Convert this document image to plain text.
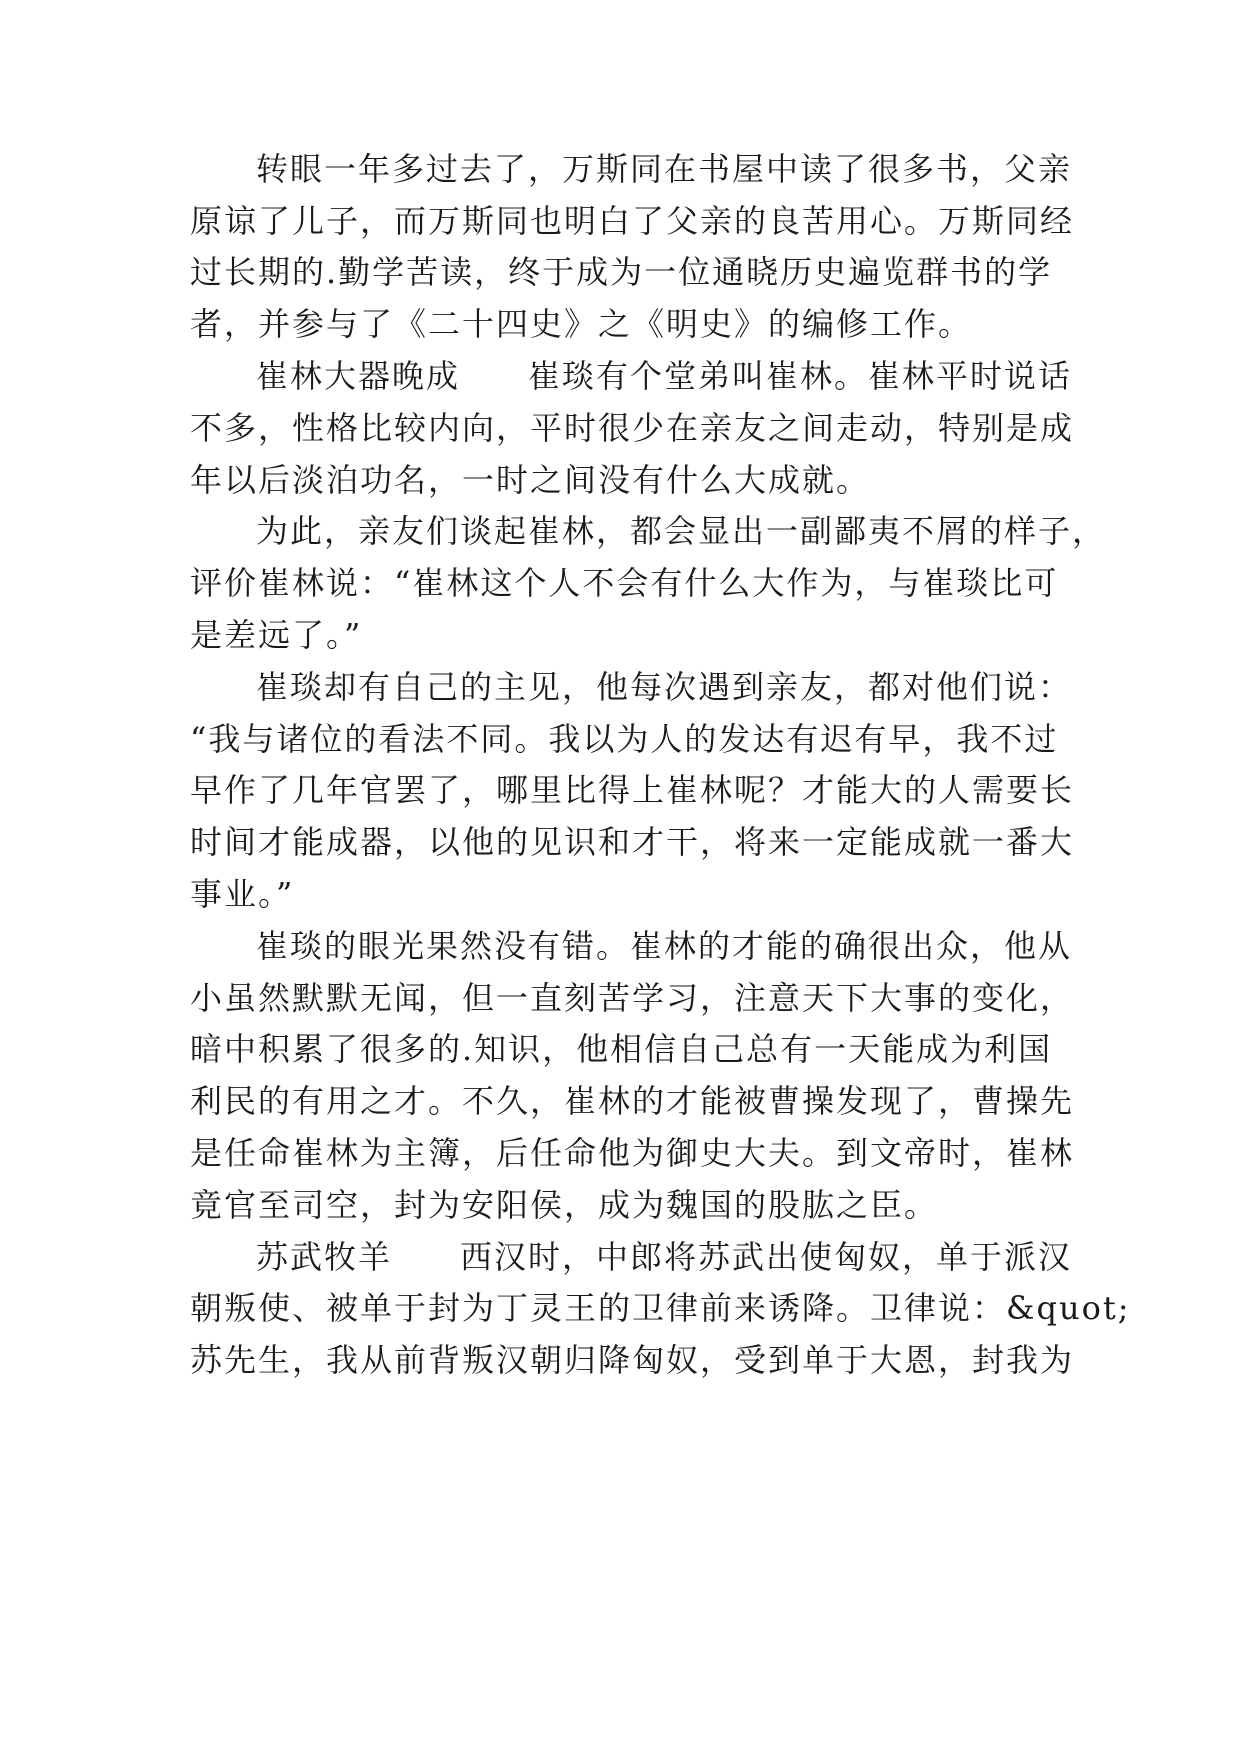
转眼一年多过去了，万斯同在书屋中读了很多书，父亲
原谅了儿子，而万斯同也明白了父亲的良苦用心。万斯同经
过长期的.勤学苦读，终于成为一位通晓历史遍览群书的学
者，并参与了《二十四史》之《明史》的编修工作。
崔林大器晚成　　崔琰有个堂弟叫崔林。崔林平时说话
不多，性格比较内向，平时很少在亲友之间走动，特别是成
年以后淡泊功名，一时之间没有什么大成就。
为此，亲友们谈起崔林，都会显出一副鄙夷不屑的样子，
评价崔林说：“崔林这个人不会有什么大作为，与崔琰比可
是差远了。”
崔琰却有自己的主见，他每次遇到亲友，都对他们说：
“我与诸位的看法不同。我以为人的发达有迟有早，我不过
早作了几年官罢了，哪里比得上崔林呢？才能大的人需要长
时间才能成器，以他的见识和才干，将来一定能成就一番大
事业。”
崔琰的眼光果然没有错。崔林的才能的确很出众，他从
小虽然默默无闻，但一直刻苦学习，注意天下大事的变化，
暗中积累了很多的.知识，他相信自己总有一天能成为利国
利民的有用之才。不久，崔林的才能被曹操发现了，曹操先
是任命崔林为主簿，后任命他为御史大夫。到文帝时，崔林
竟官至司空，封为安阳侯，成为魏国的股肱之臣。
苏武牧羊　　西汉时，中郎将苏武出使匈奴，单于派汉
朝叛使、被单于封为丁灵王的卫律前来诱降。卫律说：&quot;
苏先生，我从前背叛汉朝归降匈奴，受到单于大恩，封我为
